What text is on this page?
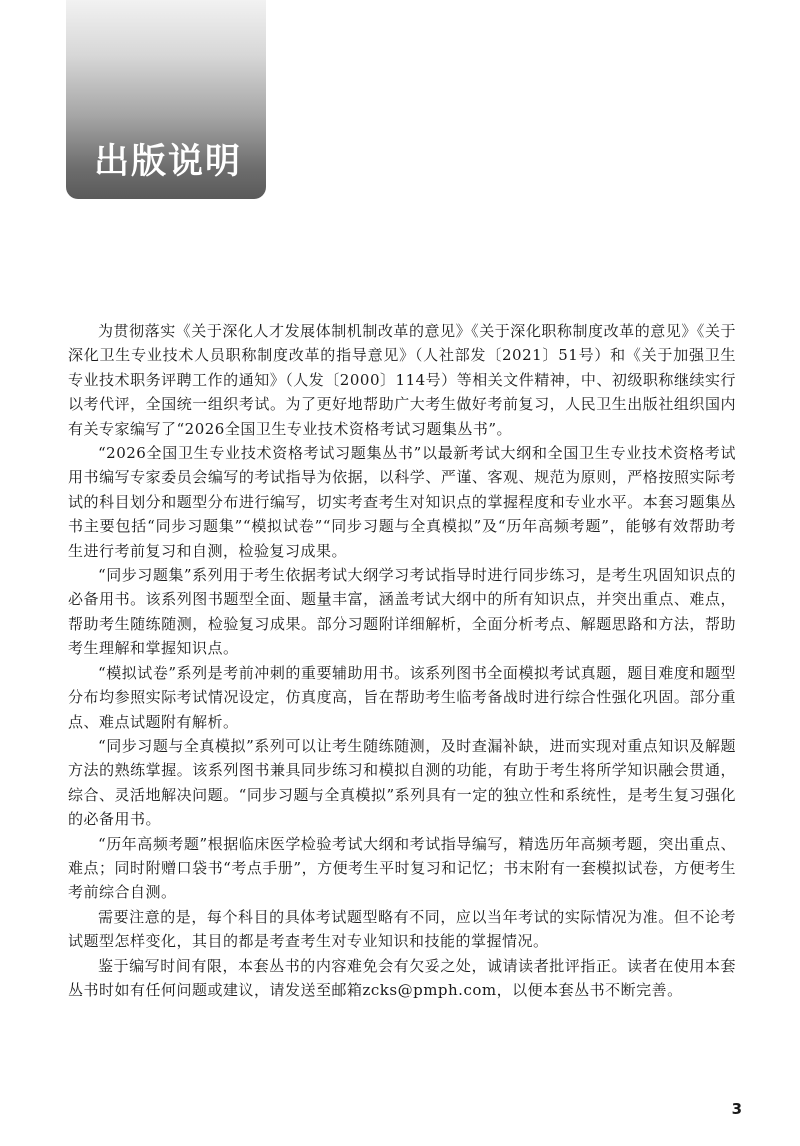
出版说明

为贯彻落实《关于深化人才发展体制机制改革的意见》《关于深化职称制度改革的意见》《关于深化卫生专业技术人员职称制度改革的指导意见》（人社部发〔2021〕51号）和《关于加强卫生专业技术职务评聘工作的通知》（人发〔2000〕114号）等相关文件精神，中、初级职称继续实行以考代评，全国统一组织考试。为了更好地帮助广大考生做好考前复习，人民卫生出版社组织国内有关专家编写了“2026全国卫生专业技术资格考试习题集丛书”。

“2026全国卫生专业技术资格考试习题集丛书”以最新考试大纲和全国卫生专业技术资格考试用书编写专家委员会编写的考试指导为依据，以科学、严谨、客观、规范为原则，严格按照实际考试的科目划分和题型分布进行编写，切实考查考生对知识点的掌握程度和专业水平。本套习题集丛书主要包括“同步习题集”“模拟试卷”“同步习题与全真模拟”及“历年高频考题”，能够有效帮助考生进行考前复习和自测，检验复习成果。

“同步习题集”系列用于考生依据考试大纲学习考试指导时进行同步练习，是考生巩固知识点的必备用书。该系列图书题型全面、题量丰富，涵盖考试大纲中的所有知识点，并突出重点、难点，帮助考生随练随测，检验复习成果。部分习题附详细解析，全面分析考点、解题思路和方法，帮助考生理解和掌握知识点。

“模拟试卷”系列是考前冲刺的重要辅助用书。该系列图书全面模拟考试真题，题目难度和题型分布均参照实际考试情况设定，仿真度高，旨在帮助考生临考备战时进行综合性强化巩固。部分重点、难点试题附有解析。

“同步习题与全真模拟”系列可以让考生随练随测，及时查漏补缺，进而实现对重点知识及解题方法的熟练掌握。该系列图书兼具同步练习和模拟自测的功能，有助于考生将所学知识融会贯通，综合、灵活地解决问题。“同步习题与全真模拟”系列具有一定的独立性和系统性，是考生复习强化的必备用书。

“历年高频考题”根据临床医学检验考试大纲和考试指导编写，精选历年高频考题，突出重点、难点；同时附赠口袋书“考点手册”，方便考生平时复习和记忆；书末附有一套模拟试卷，方便考生考前综合自测。

需要注意的是，每个科目的具体考试题型略有不同，应以当年考试的实际情况为准。但不论考试题型怎样变化，其目的都是考查考生对专业知识和技能的掌握情况。

鉴于编写时间有限，本套丛书的内容难免会有欠妥之处，诚请读者批评指正。读者在使用本套丛书时如有任何问题或建议，请发送至邮箱zcks@pmph.com，以便本套丛书不断完善。

3
